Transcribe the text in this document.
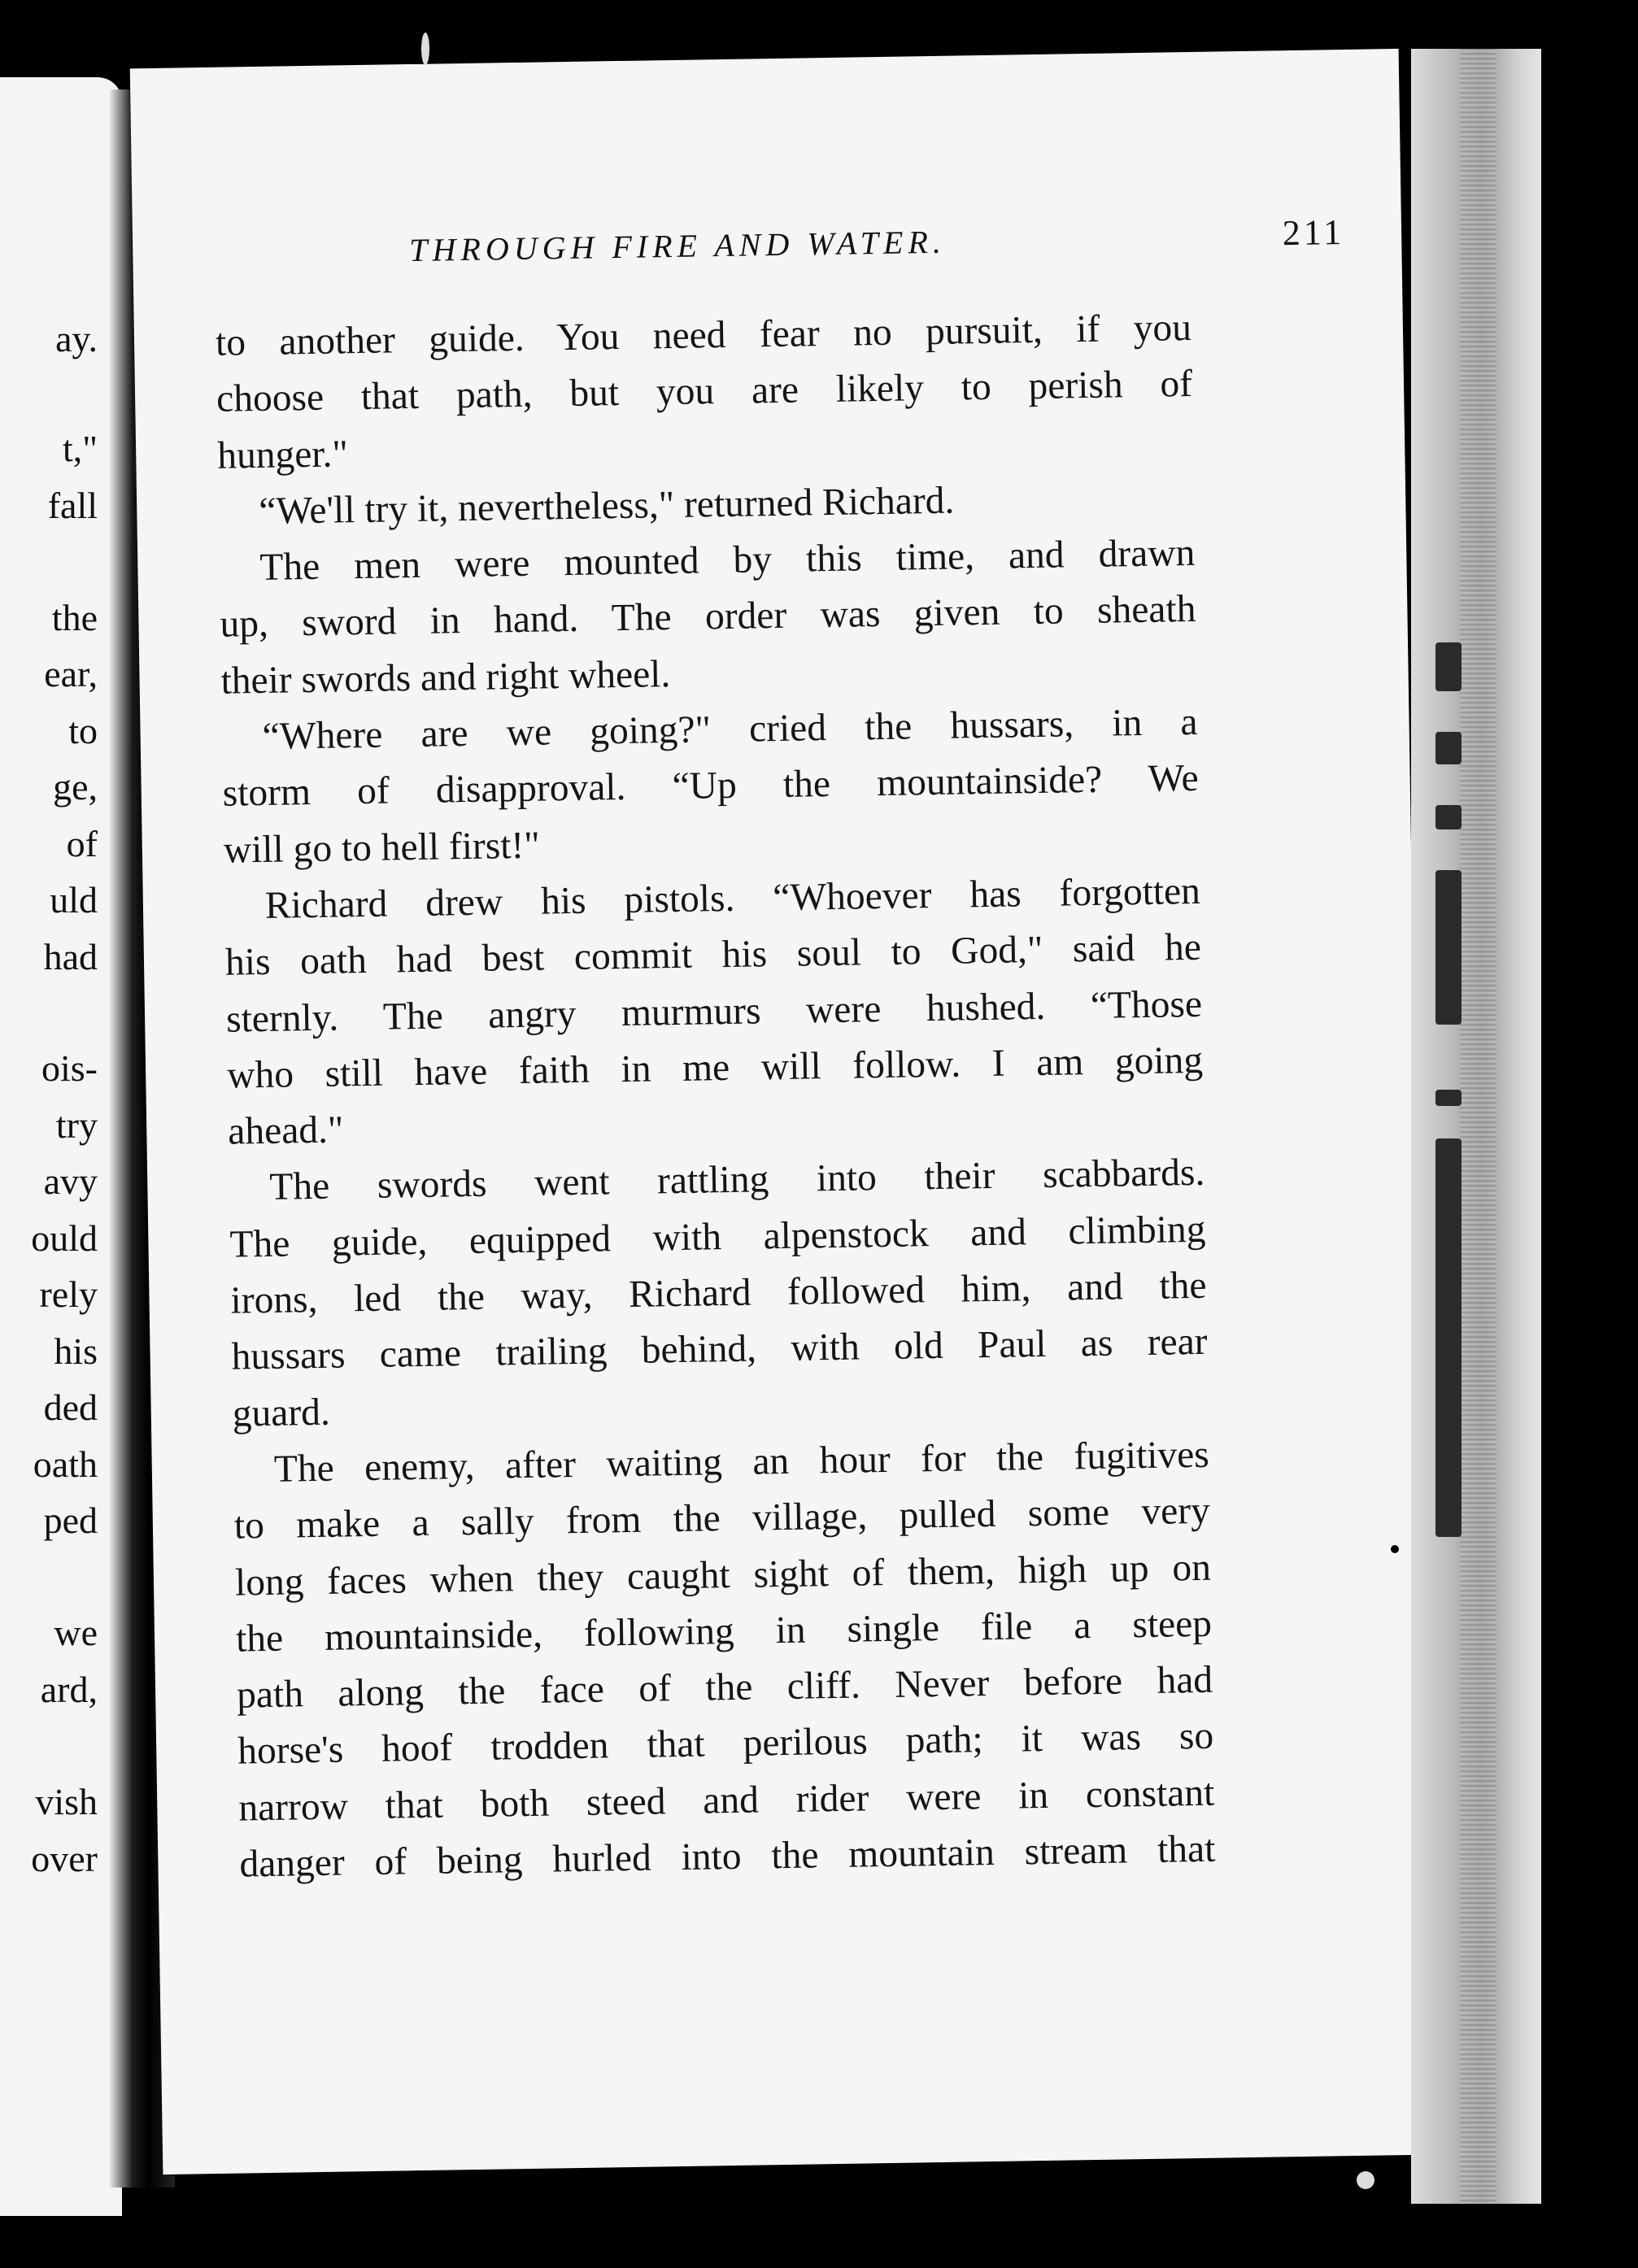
ay.
t,"
fall
the
ear,
to
ge,
of
uld
had
ois-
try
avy
ould
rely
his
ded
oath
ped
we
ard,
vish
over
THROUGH FIRE AND WATER.	211
to another guide. You need fear no pursuit, if you
choose that path, but you are likely to perish of
hunger."
“We'll try it, nevertheless," returned Richard.
The men were mounted by this time, and drawn
up, sword in hand. The order was given to sheath
their swords and right wheel.
“Where are we going?" cried the hussars, in a
storm of disapproval. “Up the mountainside? We
will go to hell first!"
Richard drew his pistols. “Whoever has forgotten
his oath had best commit his soul to God," said he
sternly. The angry murmurs were hushed. “Those
who still have faith in me will follow. I am going
ahead."
The swords went rattling into their scabbards.
The guide, equipped with alpenstock and climbing
irons, led the way, Richard followed him, and the
hussars came trailing behind, with old Paul as rear
guard.
The enemy, after waiting an hour for the fugitives
to make a sally from the village, pulled some very
long faces when they caught sight of them, high up on
the mountainside, following in single file a steep
path along the face of the cliff. Never before had
horse's hoof trodden that perilous path; it was so
narrow that both steed and rider were in constant
danger of being hurled into the mountain stream that
